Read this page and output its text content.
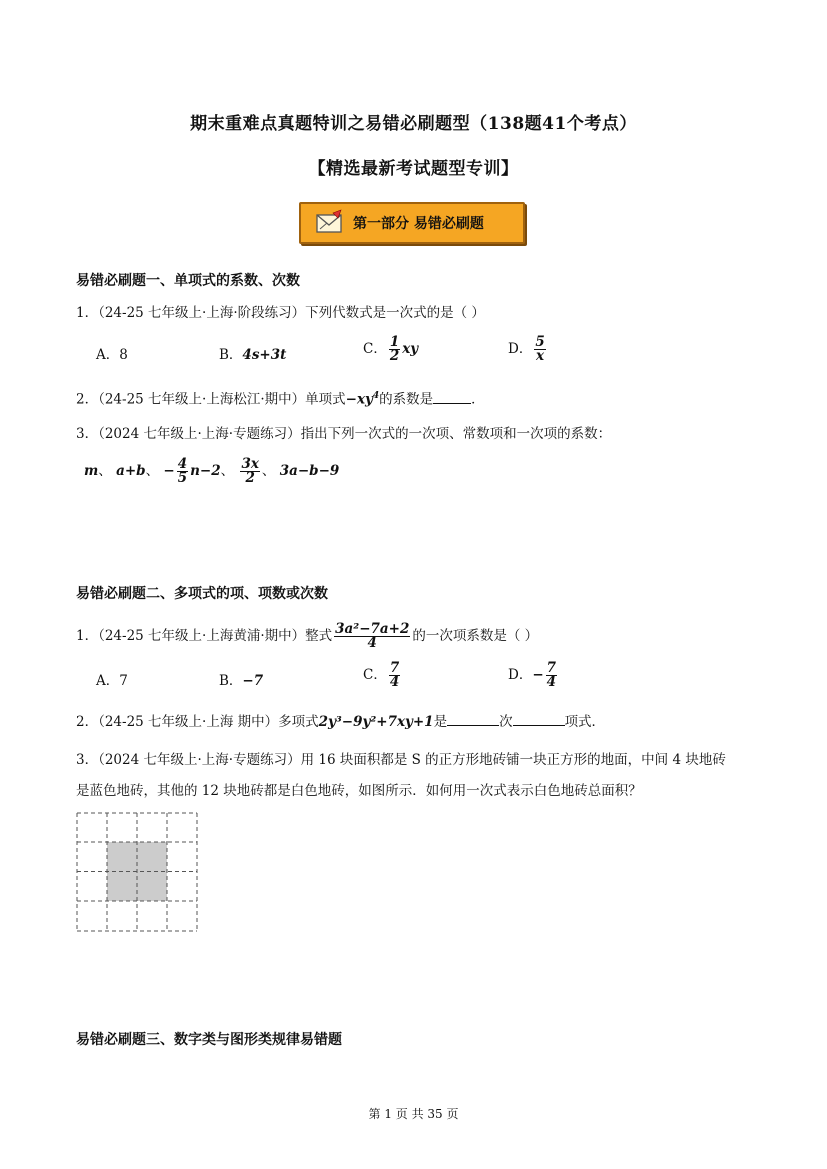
期末重难点真题特训之易错必刷题型（138题41个考点）
【精选最新考试题型专训】
第一部分 易错必刷题
易错必刷题一、单项式的系数、次数
1．（24-25 七年级上·上海·阶段练习）下列代数式是一次式的是（ ）
A．8	B．4s+3t	C． $\frac{1}{2}$ xy	D． $\frac{5}{x}$
2．（24-25 七年级上·上海松江·期中）单项式$-xy^4$的系数是	．
3．（2024 七年级上·上海·专题练习）指出下列一次式的一次项、常数项和一次项的系数：
m、 a+b、 − $\frac{4}{5} n-2$、 $\frac{3x}{2}$ 、 3a−b−9
易错必刷题二、多项式的项、项数或次数
1．（24-25 七年级上·上海黄浦·期中）整式 $\frac{\text{3a²−7a+2}}{4}$ 的一次项系数是（ ）
A．7	B．−7	C． $\frac{7}{4}$	D．− $\frac{7}{4}$
2．（24-25 七年级上·上海 期中）多项式2y³−9y²+7xy+1是	次	项式．
3．（2024 七年级上·上海·专题练习）用 16 块面积都是 S 的正方形地砖铺一块正方形的地面，中间 4 块地砖
是蓝色地砖，其他的 12 块地砖都是白色地砖，如图所示．如何用一次式表示白色地砖总面积？
易错必刷题三、数字类与图形类规律易错题
第 1 页 共 35 页
